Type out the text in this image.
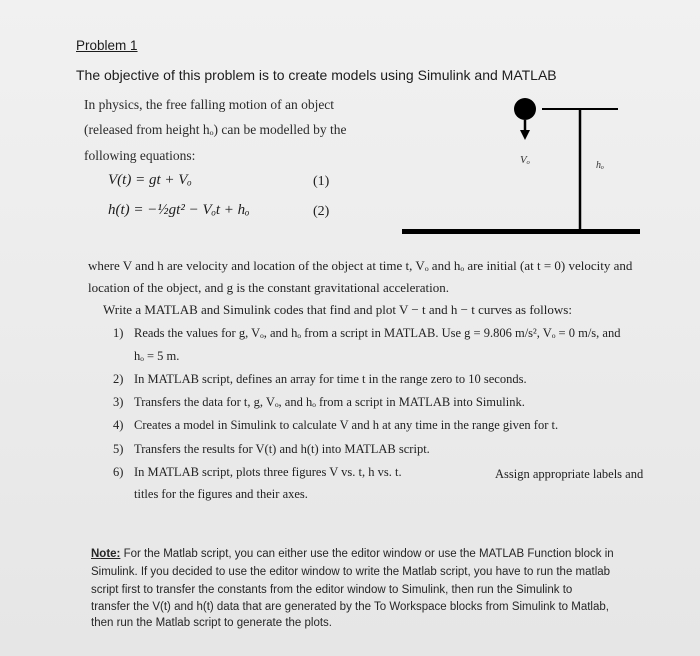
Problem 1
The objective of this problem is to create models using Simulink and MATLAB
In physics, the free falling motion of an object
(released from height hₒ) can be modelled by the
following equations:
V(t) = gt + Vₒ	(1)
h(t) = −½gt² − Vₒt + hₒ	(2)
Vₒ	hₒ
where V and h are velocity and location of the object at time t, Vₒ and hₒ are initial (at t = 0) velocity and
location of the object, and g is the constant gravitational acceleration.
Write a MATLAB and Simulink codes that find and plot V − t and h − t curves as follows:
1) Reads the values for g, Vₒ, and hₒ from a script in MATLAB. Use g = 9.806 m/s², Vₒ = 0 m/s, and
hₒ = 5 m.
2) In MATLAB script, defines an array for time t in the range zero to 10 seconds.
3) Transfers the data for t, g, Vₒ, and hₒ from a script in MATLAB into Simulink.
4) Creates a model in Simulink to calculate V and h at any time in the range given for t.
5) Transfers the results for V(t) and h(t) into MATLAB script.
6) In MATLAB script, plots three figures V vs. t, h vs. t.	Assign appropriate labels and
titles for the figures and their axes.
Note: For the Matlab script, you can either use the editor window or use the MATLAB Function block in
Simulink. If you decided to use the editor window to write the Matlab script, you have to run the matlab
script first to transfer the constants from the editor window to Simulink, then run the Simulink to
transfer the V(t) and h(t) data that are generated by the To Workspace blocks from Simulink to Matlab,
then run the Matlab script to generate the plots.
